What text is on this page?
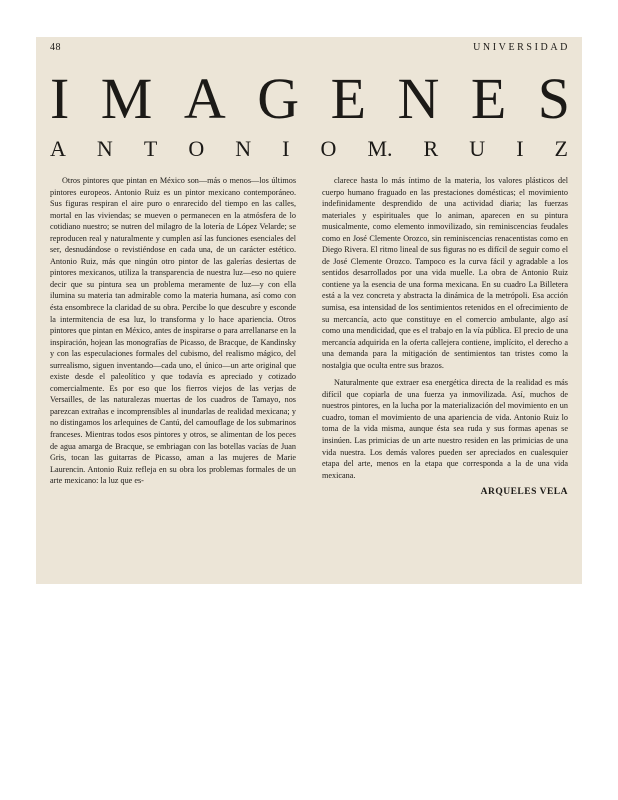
48	UNIVERSIDAD
I M A G E N E S
A N T O N I O M. R U I Z

Otros pintores que pintan en México son—más o menos—los últimos pintores europeos. Antonio Ruiz es un pintor mexicano contemporáneo. Sus figuras respiran el aire puro o enrarecido del tiempo en las calles, mortal en las viviendas; se mueven o permanecen en la atmósfera de lo cotidiano nuestro; se nutren del milagro de la lotería de López Velarde; se reproducen real y naturalmente y cumplen así las funciones esenciales del ser, desnudándose o revistiéndose en cada una, de un carácter estético. Antonio Ruiz, más que ningún otro pintor de las galerías desiertas de pintores mexicanos, utiliza la transparencia de nuestra luz—eso no quiere decir que su pintura sea un problema meramente de luz—y con ella ilumina su materia tan admirable como la materia humana, así como con ésta ensombrece la claridad de su obra. Percibe lo que descubre y esconde la intermitencia de esa luz, lo transforma y lo hace apariencia. Otros pintores que pintan en México, antes de inspirarse o para arrellanarse en la inspiración, hojean las monografías de Picasso, de Bracque, de Kandinsky y con las especulaciones formales del cubismo, del realismo mágico, del surrealismo, siguen inventando—cada uno, el único—un arte original que existe desde el paleolítico y que todavía es apreciado y cotizado comercialmente. Es por eso que los fierros viejos de las verjas de Versailles, de las naturalezas muertas de los cuadros de Tamayo, nos parezcan extrañas e incomprensibles al inundarlas de realidad mexicana; y no distingamos los arlequines de Cantú, del camouflage de los submarinos franceses. Mientras todos esos pintores y otros, se alimentan de los peces de agua amarga de Bracque, se embriagan con las botellas vacías de Juan Gris, tocan las guitarras de Picasso, aman a las mujeres de Marie Laurencin. Antonio Ruiz refleja en su obra los problemas formales de un arte mexicano: la luz que es-

clarece hasta lo más íntimo de la materia, los valores plásticos del cuerpo humano fraguado en las prestaciones domésticas; el movimiento indefinidamente desprendido de una actividad diaria; las fuerzas materiales y espirituales que lo animan, aparecen en su pintura musicalmente, como elemento inmovilizado, sin reminiscencias feudales como en José Clemente Orozco, sin reminiscencias renacentistas como en Diego Rivera. El ritmo lineal de sus figuras no es difícil de seguir como el de José Clemente Orozco. Tampoco es la curva fácil y agradable a los sentidos desarrollados por una vida muelle. La obra de Antonio Ruiz contiene ya la esencia de una forma mexicana. En su cuadro La Billetera está a la vez concreta y abstracta la dinámica de la metrópoli. Esa acción sumisa, esa intensidad de los sentimientos retenidos en el ofrecimiento de su mercancía, acto que constituye en el comercio ambulante, algo así como una mendicidad, que es el trabajo en la vía pública. El precio de una mercancía adquirida en la oferta callejera contiene, implícito, el derecho a una demanda para la mitigación de sentimientos tan tristes como la nostalgia que oculta entre sus brazos.

Naturalmente que extraer esa energética directa de la realidad es más difícil que copiarla de una fuerza ya inmovilizada. Así, muchos de nuestros pintores, en la lucha por la materialización del movimiento en un cuadro, toman el movimiento de una apariencia de vida. Antonio Ruiz lo toma de la vida misma, aunque ésta sea ruda y sus formas apenas se insinúen. Las primicias de un arte nuestro residen en las primicias de una vida nuestra. Los demás valores pueden ser apreciados en cualesquier etapa del arte, menos en la etapa que corresponda a la de una vida mexicana.

ARQUELES VELA
